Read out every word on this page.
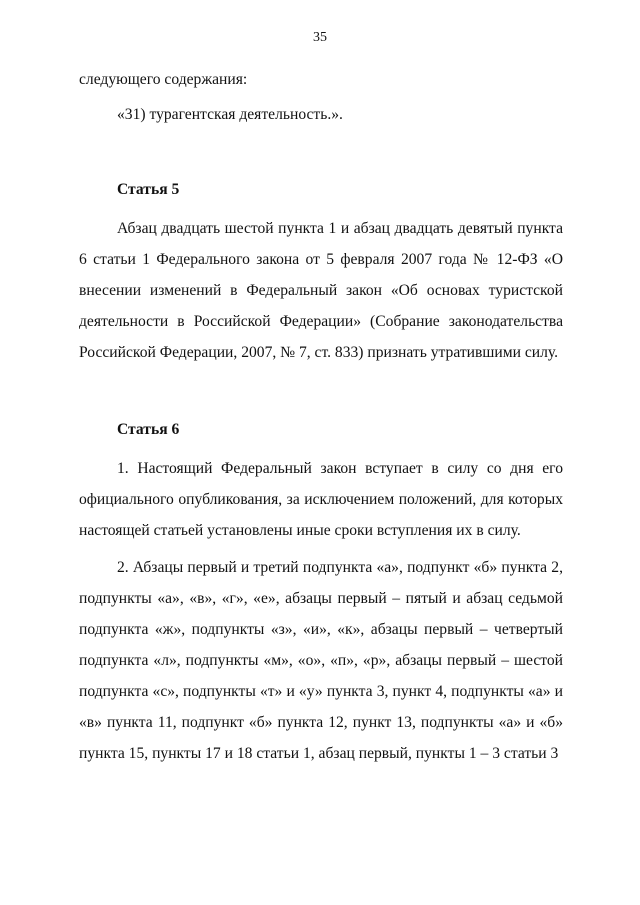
35

следующего содержания:

«31) турагентская деятельность.».

Статья 5

Абзац двадцать шестой пункта 1 и абзац двадцать девятый пункта 6 статьи 1 Федерального закона от 5 февраля 2007 года № 12-ФЗ «О внесении изменений в Федеральный закон «Об основах туристской деятельности в Российской Федерации» (Собрание законодательства Российской Федерации, 2007, № 7, ст. 833) признать утратившими силу.

Статья 6

1. Настоящий Федеральный закон вступает в силу со дня его официального опубликования, за исключением положений, для которых настоящей статьей установлены иные сроки вступления их в силу.

2. Абзацы первый и третий подпункта «а», подпункт «б» пункта 2, подпункты «а», «в», «г», «е», абзацы первый – пятый и абзац седьмой подпункта «ж», подпункты «з», «и», «к», абзацы первый – четвертый подпункта «л», подпункты «м», «о», «п», «р», абзацы первый – шестой подпункта «с», подпункты «т» и «у» пункта 3, пункт 4, подпункты «а» и «в» пункта 11, подпункт «б» пункта 12, пункт 13, подпункты «а» и «б» пункта 15, пункты 17 и 18 статьи 1, абзац первый, пункты 1 – 3 статьи 3
